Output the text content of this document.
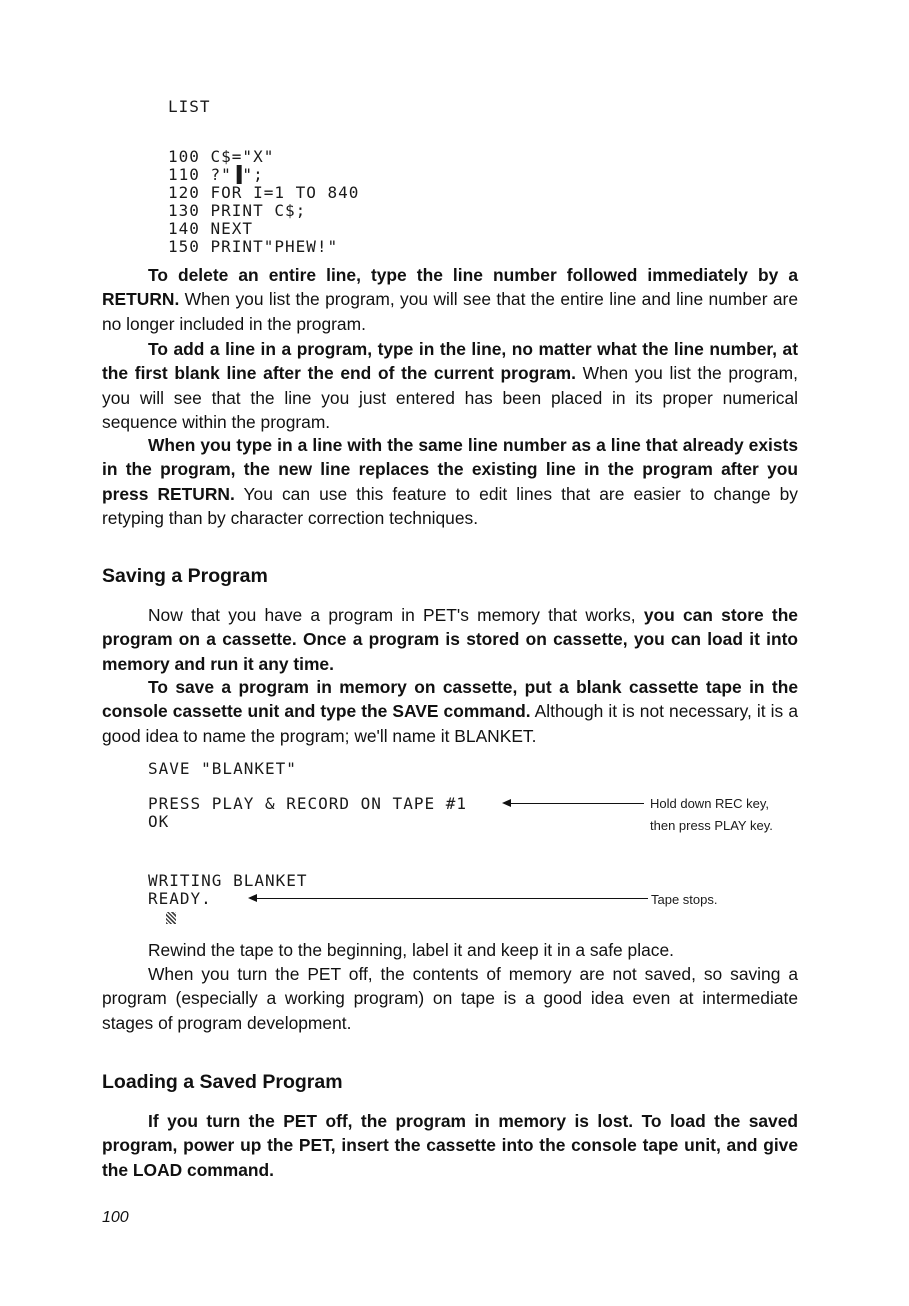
LIST
100 C$="X"
110 ?"▐";
120 FOR I=1 TO 840
130 PRINT C$;
140 NEXT
150 PRINT"PHEW!"

To delete an entire line, type the line number followed immediately by a RETURN. When you list the program, you will see that the entire line and line number are no longer included in the program.

To add a line in a program, type in the line, no matter what the line number, at the first blank line after the end of the current program. When you list the program, you will see that the line you just entered has been placed in its proper numerical sequence within the program.

When you type in a line with the same line number as a line that already exists in the program, the new line replaces the existing line in the program after you press RETURN. You can use this feature to edit lines that are easier to change by retyping than by character correction techniques.

Saving a Program

Now that you have a program in PET's memory that works, you can store the program on a cassette. Once a program is stored on cassette, you can load it into memory and run it any time.

To save a program in memory on cassette, put a blank cassette tape in the console cassette unit and type the SAVE command. Although it is not necessary, it is a good idea to name the program; we'll name it BLANKET.

SAVE "BLANKET"
PRESS PLAY & RECORD ON TAPE #1
OK
WRITING BLANKET
READY.
Hold down REC key,
then press PLAY key.
Tape stops.

Rewind the tape to the beginning, label it and keep it in a safe place.

When you turn the PET off, the contents of memory are not saved, so saving a program (especially a working program) on tape is a good idea even at intermediate stages of program development.

Loading a Saved Program

If you turn the PET off, the program in memory is lost. To load the saved program, power up the PET, insert the cassette into the console tape unit, and give the LOAD command.

100
